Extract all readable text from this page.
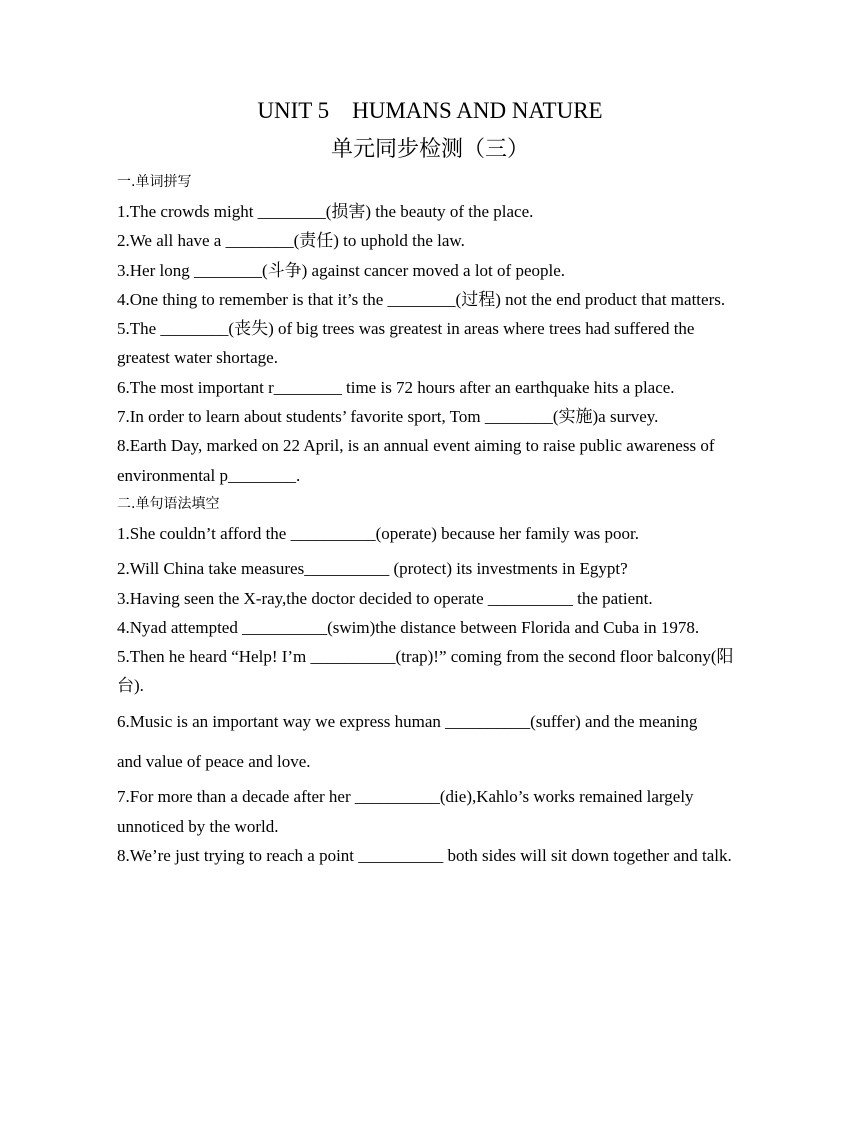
UNIT 5    HUMANS AND NATURE
单元同步检测（三）

一.单词拼写

1.The crowds might ________(损害) the beauty of the place.

2.We all have a ________(责任) to uphold the law.

3.Her long ________(斗争) against cancer moved a lot of people.

4.One thing to remember is that it’s the ________(过程) not the end product that matters.

5.The ________(丧失) of big trees was greatest in areas where trees had suffered the greatest water shortage.

6.The most important r________ time is 72 hours after an earthquake hits a place.

7.In order to learn about students’ favorite sport, Tom ________(实施)a survey.

8.Earth Day, marked on 22 April, is an annual event aiming to raise public awareness of environmental p________.

二.单句语法填空

1.She couldn’t afford the __________(operate) because her family was poor.

2.Will China take measures__________ (protect) its investments in Egypt?

3.Having seen the X-ray,the doctor decided to operate __________ the patient.

4.Nyad attempted __________(swim)the distance between Florida and Cuba in 1978.

5.Then he heard “Help! I’m __________(trap)!” coming from the second floor balcony(阳台).

6.Music is an important way we express human __________(suffer) and the meaning

and value of peace and love.

7.For more than a decade after her __________(die),Kahlo’s works remained largely unnoticed by the world.

8.We’re just trying to reach a point __________ both sides will sit down together and talk.
